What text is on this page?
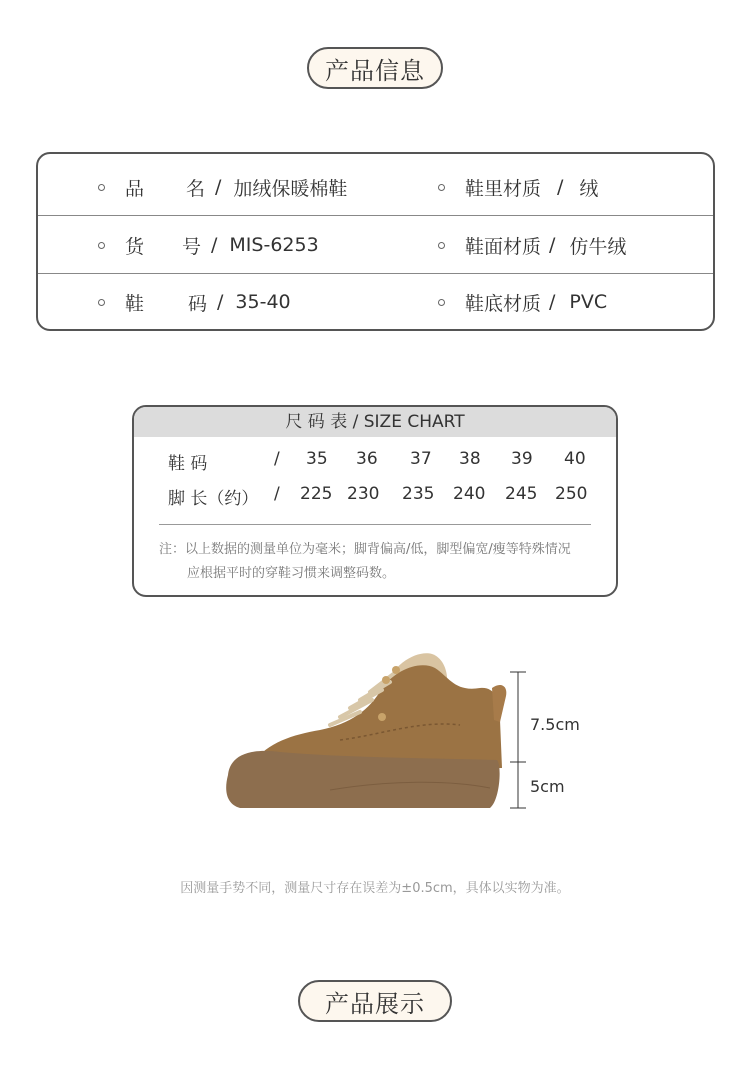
产品信息
品名 / 加绒保暖棉鞋	鞋里材质 / 绒
货号 / MIS-6253	鞋面材质 / 仿牛绒
鞋码 / 35-40	鞋底材质 / PVC
尺 码 表 / SIZE CHART
鞋 码	/ 35 36 37 38 39 40
脚 长（约） / 225 230 235 240 245 250
注：以上数据的测量单位为毫米；脚背偏高/低，脚型偏宽/瘦等特殊情况
应根据平时的穿鞋习惯来调整码数。
7.5cm
5cm
因测量手势不同，测量尺寸存在误差为±0.5cm，具体以实物为准。
产品展示
